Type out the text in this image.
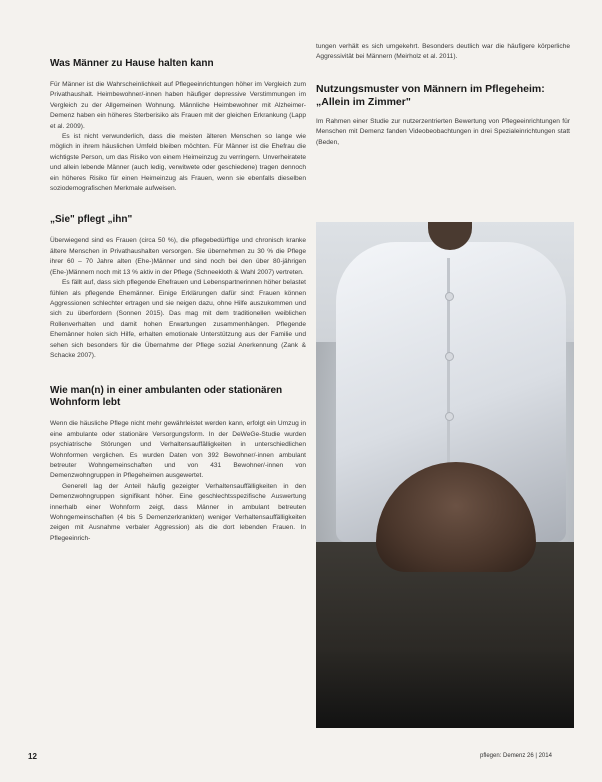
Was Männer zu Hause halten kann

Für Männer ist die Wahrscheinlichkeit auf Pflegeeinrichtungen höher im Vergleich zum Privathaushalt. Heimbewohner/-innen haben häufiger depressive Verstimmungen im Vergleich zu der Allgemeinen Wohnung. Männliche Heimbewohner mit Alzheimer-Demenz haben ein höheres Sterberisiko als Frauen mit der gleichen Erkrankung (Lapp et al. 2009).

Es ist nicht verwunderlich, dass die meisten älteren Menschen so lange wie möglich in ihrem häuslichen Umfeld bleiben möchten. Für Männer ist die Ehefrau die wichtigste Person, um das Risiko von einem Heimeinzug zu verringern. Unverheiratete und allein lebende Männer (auch ledig, verwitwete oder geschiedene) tragen dennoch ein höheres Risiko für einen Heimeinzug als Frauen, wenn sie ebenfalls dieselben soziodemografischen Merkmale aufweisen.

„Sie" pflegt „ihn"

Überwiegend sind es Frauen (circa 50 %), die pflegebedürftige und chronisch kranke ältere Menschen in Privathaushalten versorgen. Sie übernehmen zu 30 % die Pflege ihrer 60 – 70 Jahre alten (Ehe-)Männer und sind noch bei den über 80-jährigen (Ehe-)Männern noch mit 13 % aktiv in der Pflege (Schneekloth & Wahl 2007) vertreten.

Es fällt auf, dass sich pflegende Ehefrauen und Lebenspartnerinnen höher belastet fühlen als pflegende Ehemänner. Einige Erklärungen dafür sind: Frauen können Aggressionen schlechter ertragen und sie neigen dazu, ohne Hilfe auszukommen und sich zu überfordern (Sonnen 2015). Das mag mit dem traditionellen weiblichen Rollenverhalten und damit hohen Erwartungen zusammenhängen. Pflegende Ehemänner holen sich Hilfe, erhalten emotionale Unterstützung aus der Familie und sehen sich besonders für die Übernahme der Pflege sozial Anerkennung (Zank & Schacke 2007).

Wie man(n) in einer ambulanten oder stationären Wohnform lebt

Wenn die häusliche Pflege nicht mehr gewährleistet werden kann, erfolgt ein Umzug in eine ambulante oder stationäre Versorgungsform. In der DeWeGe-Studie wurden psychiatrische Störungen und Verhaltensauffälligkeiten in unterschiedlichen Wohnformen verglichen. Es wurden Daten von 392 Bewohner/-innen ambulant betreuter Wohngemeinschaften und von 431 Bewohner/-innen von Demenzwohngruppen in Pflegeheimen ausgewertet.

Generell lag der Anteil häufig gezeigter Verhaltensauffälligkeiten in den Demenzwohngruppen signifikant höher. Eine geschlechtsspezifische Auswertung innerhalb einer Wohnform zeigt, dass Männer in ambulant betreuten Wohngemeinschaften (4 bis 5 Demenzerkrankten) weniger Verhaltensauffälligkeiten zeigen mit Ausnahme verbaler Aggression) als die dort lebenden Frauen. In Pflegeeinrich-

tungen verhält es sich umgekehrt. Besonders deutlich war die häufigere körperliche Aggressivität bei Männern (Meirholz et al. 2011).

Nutzungsmuster von Männern im Pflegeheim: „Allein im Zimmer"

Im Rahmen einer Studie zur nutzerzentrierten Bewertung von Pflegeeinrichtungen für Menschen mit Demenz fanden Videobeobachtungen in drei Spezialeinrichtungen statt (Beden,

12	pflegen: Demenz 26 | 2014
